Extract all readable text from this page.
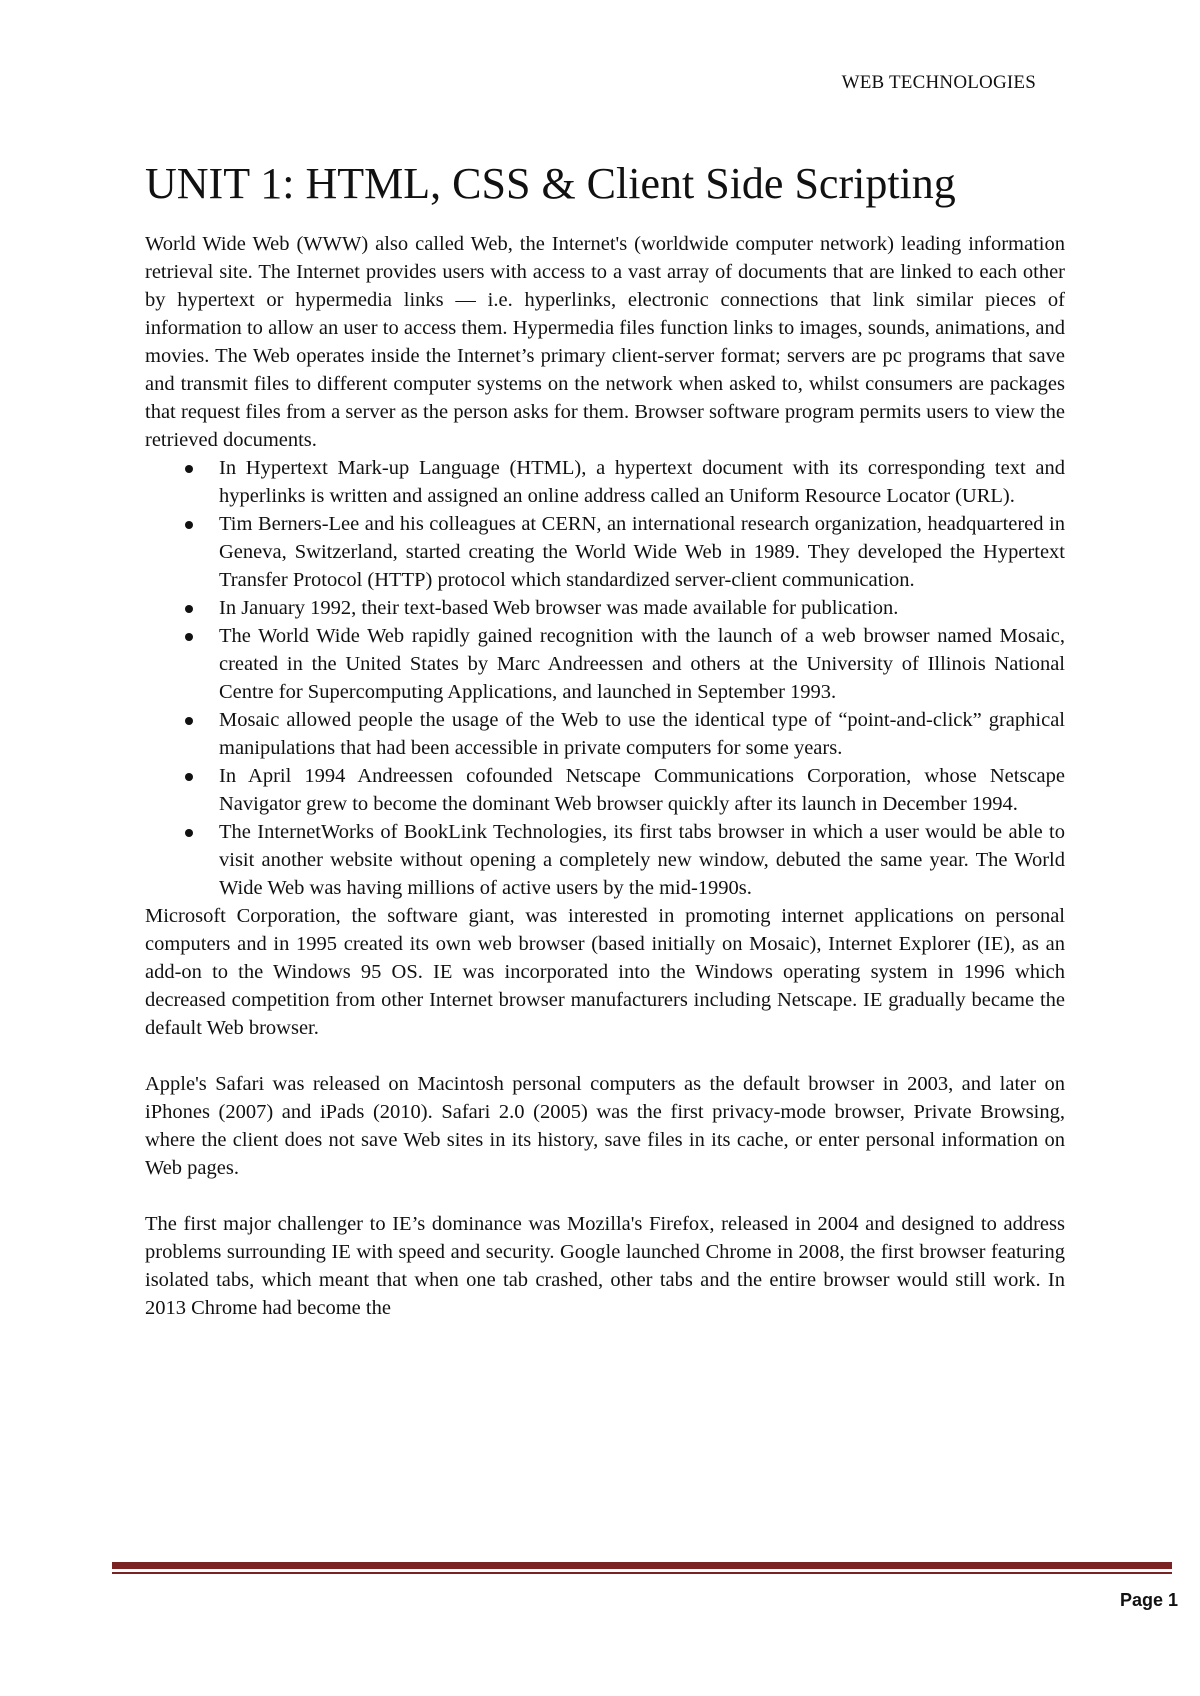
WEB TECHNOLOGIES
UNIT 1: HTML, CSS & Client Side Scripting

World Wide Web (WWW) also called Web, the Internet's (worldwide computer network) leading information retrieval site. The Internet provides users with access to a vast array of documents that are linked to each other by hypertext or hypermedia links — i.e. hyperlinks, electronic connections that link similar pieces of information to allow an user to access them. Hypermedia files function links to images, sounds, animations, and movies. The Web operates inside the Internet’s primary client-server format; servers are pc programs that save and transmit files to different computer systems on the network when asked to, whilst consumers are packages that request files from a server as the person asks for them. Browser software program permits users to view the retrieved documents.

In Hypertext Mark-up Language (HTML), a hypertext document with its corresponding text and hyperlinks is written and assigned an online address called an Uniform Resource Locator (URL).
Tim Berners-Lee and his colleagues at CERN, an international research organization, headquartered in Geneva, Switzerland, started creating the World Wide Web in 1989. They developed the Hypertext Transfer Protocol (HTTP) protocol which standardized server-client communication.
In January 1992, their text-based Web browser was made available for publication.
The World Wide Web rapidly gained recognition with the launch of a web browser named Mosaic, created in the United States by Marc Andreessen and others at the University of Illinois National Centre for Supercomputing Applications, and launched in September 1993.
Mosaic allowed people the usage of the Web to use the identical type of “point-and-click” graphical manipulations that had been accessible in private computers for some years.
In April 1994 Andreessen cofounded Netscape Communications Corporation, whose Netscape Navigator grew to become the dominant Web browser quickly after its launch in December 1994.
The InternetWorks of BookLink Technologies, its first tabs browser in which a user would be able to visit another website without opening a completely new window, debuted the same year. The World Wide Web was having millions of active users by the mid-1990s.

Microsoft Corporation, the software giant, was interested in promoting internet applications on personal computers and in 1995 created its own web browser (based initially on Mosaic), Internet Explorer (IE), as an add-on to the Windows 95 OS. IE was incorporated into the Windows operating system in 1996 which decreased competition from other Internet browser manufacturers including Netscape. IE gradually became the default Web browser.

Apple's Safari was released on Macintosh personal computers as the default browser in 2003, and later on iPhones (2007) and iPads (2010). Safari 2.0 (2005) was the first privacy-mode browser, Private Browsing, where the client does not save Web sites in its history, save files in its cache, or enter personal information on Web pages.

The first major challenger to IE’s dominance was Mozilla's Firefox, released in 2004 and designed to address problems surrounding IE with speed and security. Google launched Chrome in 2008, the first browser featuring isolated tabs, which meant that when one tab crashed, other tabs and the entire browser would still work. In 2013 Chrome had become the

Page 1
